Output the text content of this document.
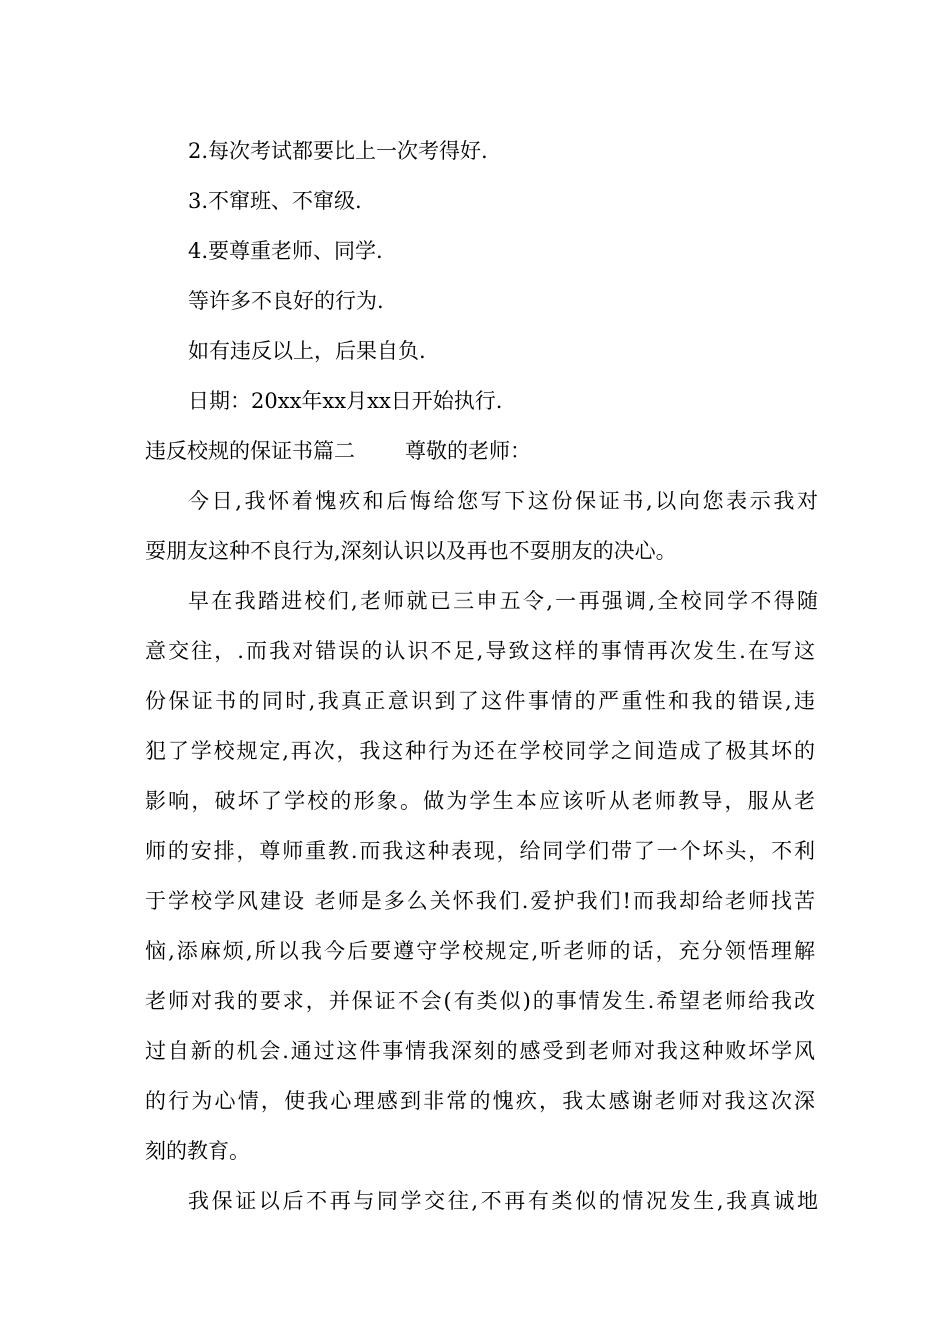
2.每次考试都要比上一次考得好.
3.不窜班、不窜级.
4.要尊重老师、同学.
等许多不良好的行为.
如有违反以上，后果自负.
日期：20xx年xx月xx日开始执行.
违反校规的保证书篇二 尊敬的老师：
今日,我怀着愧疚和后悔给您写下这份保证书,以向您表示我对
耍朋友这种不良行为,深刻认识以及再也不耍朋友的决心。
早在我踏进校们,老师就已三申五令,一再强调,全校同学不得随
意交往，.而我对错误的认识不足,导致这样的事情再次发生.在写这
份保证书的同时,我真正意识到了这件事情的严重性和我的错误,违
犯了学校规定,再次，我这种行为还在学校同学之间造成了极其坏的
影响，破坏了学校的形象。做为学生本应该听从老师教导，服从老
师的安排，尊师重教.而我这种表现，给同学们带了一个坏头，不利
于学校学风建设 老师是多么关怀我们.爱护我们!而我却给老师找苦
恼,添麻烦,所以我今后要遵守学校规定,听老师的话，充分领悟理解
老师对我的要求，并保证不会(有类似)的事情发生.希望老师给我改
过自新的机会.通过这件事情我深刻的感受到老师对我这种败坏学风
的行为心情，使我心理感到非常的愧疚，我太感谢老师对我这次深
刻的教育。
我保证以后不再与同学交往,不再有类似的情况发生,我真诚地
